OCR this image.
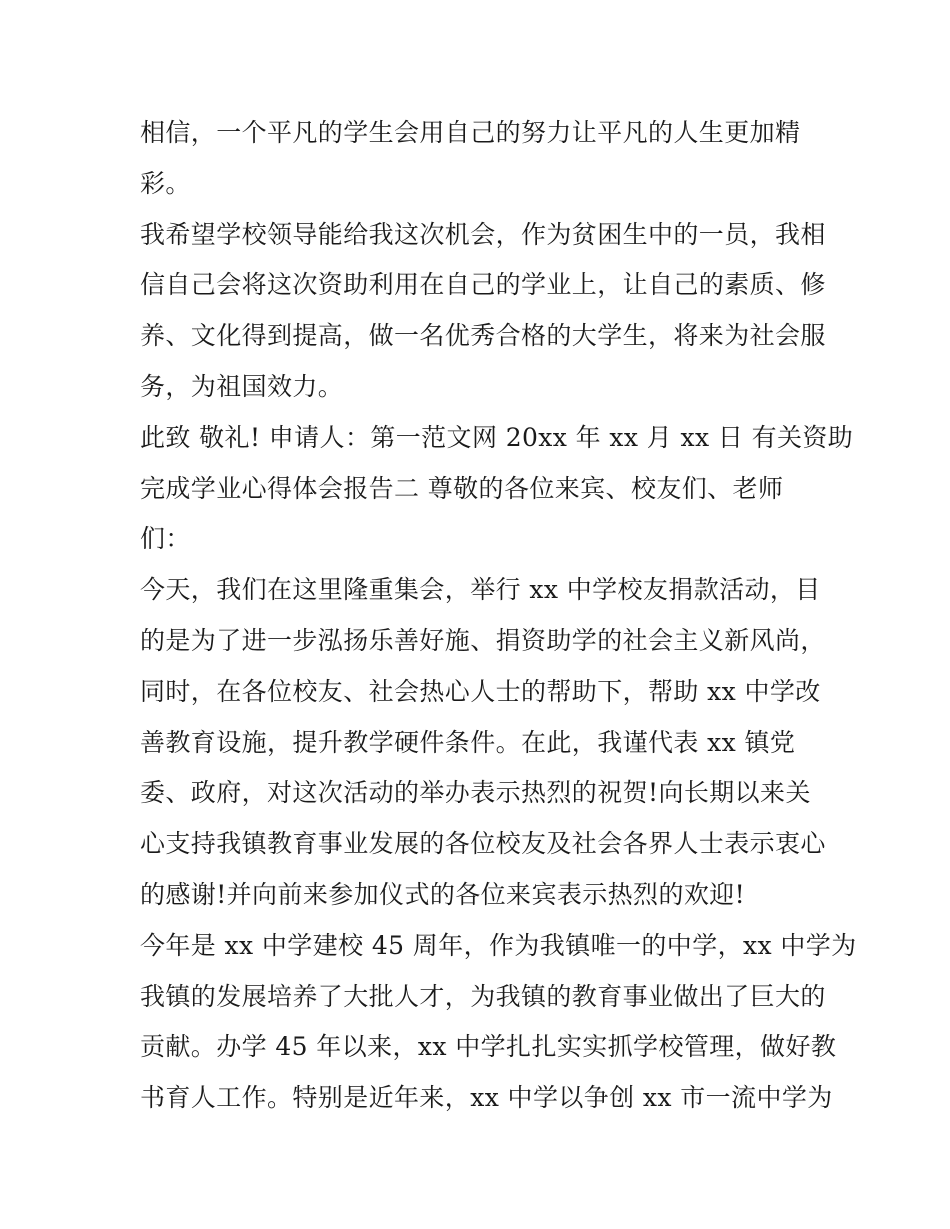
相信，一个平凡的学生会用自己的努力让平凡的人生更加精
彩。
我希望学校领导能给我这次机会，作为贫困生中的一员，我相
信自己会将这次资助利用在自己的学业上，让自己的素质、修
养、文化得到提高，做一名优秀合格的大学生，将来为社会服
务，为祖国效力。
此致 敬礼! 申请人：第一范文网 20xx 年 xx 月 xx 日 有关资助
完成学业心得体会报告二 尊敬的各位来宾、校友们、老师
们：
今天，我们在这里隆重集会，举行 xx 中学校友捐款活动，目
的是为了进一步泓扬乐善好施、捐资助学的社会主义新风尚，
同时，在各位校友、社会热心人士的帮助下，帮助 xx 中学改
善教育设施，提升教学硬件条件。在此，我谨代表 xx 镇党
委、政府，对这次活动的举办表示热烈的祝贺!向长期以来关
心支持我镇教育事业发展的各位校友及社会各界人士表示衷心
的感谢!并向前来参加仪式的各位来宾表示热烈的欢迎!
今年是 xx 中学建校 45 周年，作为我镇唯一的中学，xx 中学为
我镇的发展培养了大批人才，为我镇的教育事业做出了巨大的
贡献。办学 45 年以来，xx 中学扎扎实实抓学校管理，做好教
书育人工作。特别是近年来，xx 中学以争创 xx 市一流中学为
